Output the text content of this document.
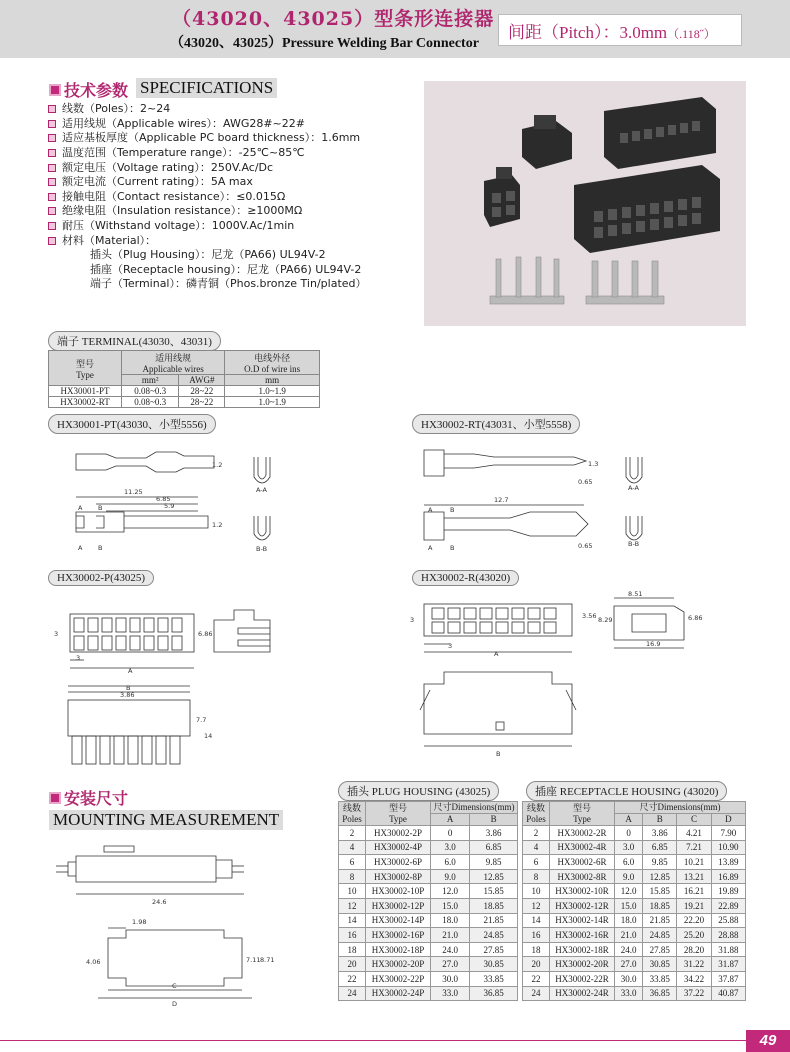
（43020、43025）型条形连接器
（43020、43025）Pressure Welding Bar Connector
间距（Pitch）：3.0mm（.118˝）
技术参数 SPECIFICATIONS
线数（Poles）：2~24
适用线规（Applicable wires）：AWG28#~22#
适应基板厚度（Applicable PC board thickness）：1.6mm
温度范围（Temperature range）：-25℃~85℃
额定电压（Voltage rating）：250V.Ac/Dc
额定电流（Current rating）：5A max
接触电阻（Contact resistance）：≤0.015Ω
绝缘电阻（Insulation resistance）：≥1000MΩ
耐压（Withstand voltage）：1000V.Ac/1min
材料（Material）：
插头（Plug Housing）：尼龙（PA66) UL94V-2
插座（Receptacle housing）：尼龙（PA66) UL94V-2
端子（Terminal）：磷青铜（Phos.bronze Tin/plated）
端子 TERMINAL(43030、43031)
型号
Type	适用线规
Applicable wires		电线外径
O.D of wire ins
	mm²	AWG#	mm
HX30001-PT	0.08~0.3	28~22	1.0~1.9
HX30002-RT	0.08~0.3	28~22	1.0~1.9
HX30001-PT(43030、小型5556)	HX30002-RT(43031、小型5558)
HX30002-P(43025)	HX30002-R(43020)
11.25
6.85
5.9
1.2
1.2
A B
A B
A-A
B-B
12.7
1.3
0.65
0.65
A	B
A	B
A-A
B-B
3
3
6.86
A
B
3.86
7.7
14
3
3
3.56 8.29
8.51
6.86
16.9
A
B
安装尺寸
MOUNTING MEASUREMENT
24.6
1.98
4.06	7.11 8.71
C
D
插头 PLUG HOUSING (43025)
线数
Poles	型号
Type	尺寸Dimensions(mm)	
		A	B
2	HX30002-2P	0	3.86
4	HX30002-4P	3.0	6.85
6	HX30002-6P	6.0	9.85
8	HX30002-8P	9.0	12.85
10	HX30002-10P	12.0	15.85
12	HX30002-12P	15.0	18.85
14	HX30002-14P	18.0	21.85
16	HX30002-16P	21.0	24.85
18	HX30002-18P	24.0	27.85
20	HX30002-20P	27.0	30.85
22	HX30002-22P	30.0	33.85
24	HX30002-24P	33.0	36.85
插座 RECEPTACLE HOUSING (43020)
线数
Poles	型号
Type	尺寸Dimensions(mm)			
		A	B	C	D
2	HX30002-2R	0	3.86	4.21	7.90
4	HX30002-4R	3.0	6.85	7.21	10.90
6	HX30002-6R	6.0	9.85	10.21	13.89
8	HX30002-8R	9.0	12.85	13.21	16.89
10	HX30002-10R	12.0	15.85	16.21	19.89
12	HX30002-12R	15.0	18.85	19.21	22.89
14	HX30002-14R	18.0	21.85	22.20	25.88
16	HX30002-16R	21.0	24.85	25.20	28.88
18	HX30002-18R	24.0	27.85	28.20	31.88
20	HX30002-20R	27.0	30.85	31.22	31.87
22	HX30002-22R	30.0	33.85	34.22	37.87
24	HX30002-24R	33.0	36.85	37.22	40.87
49
